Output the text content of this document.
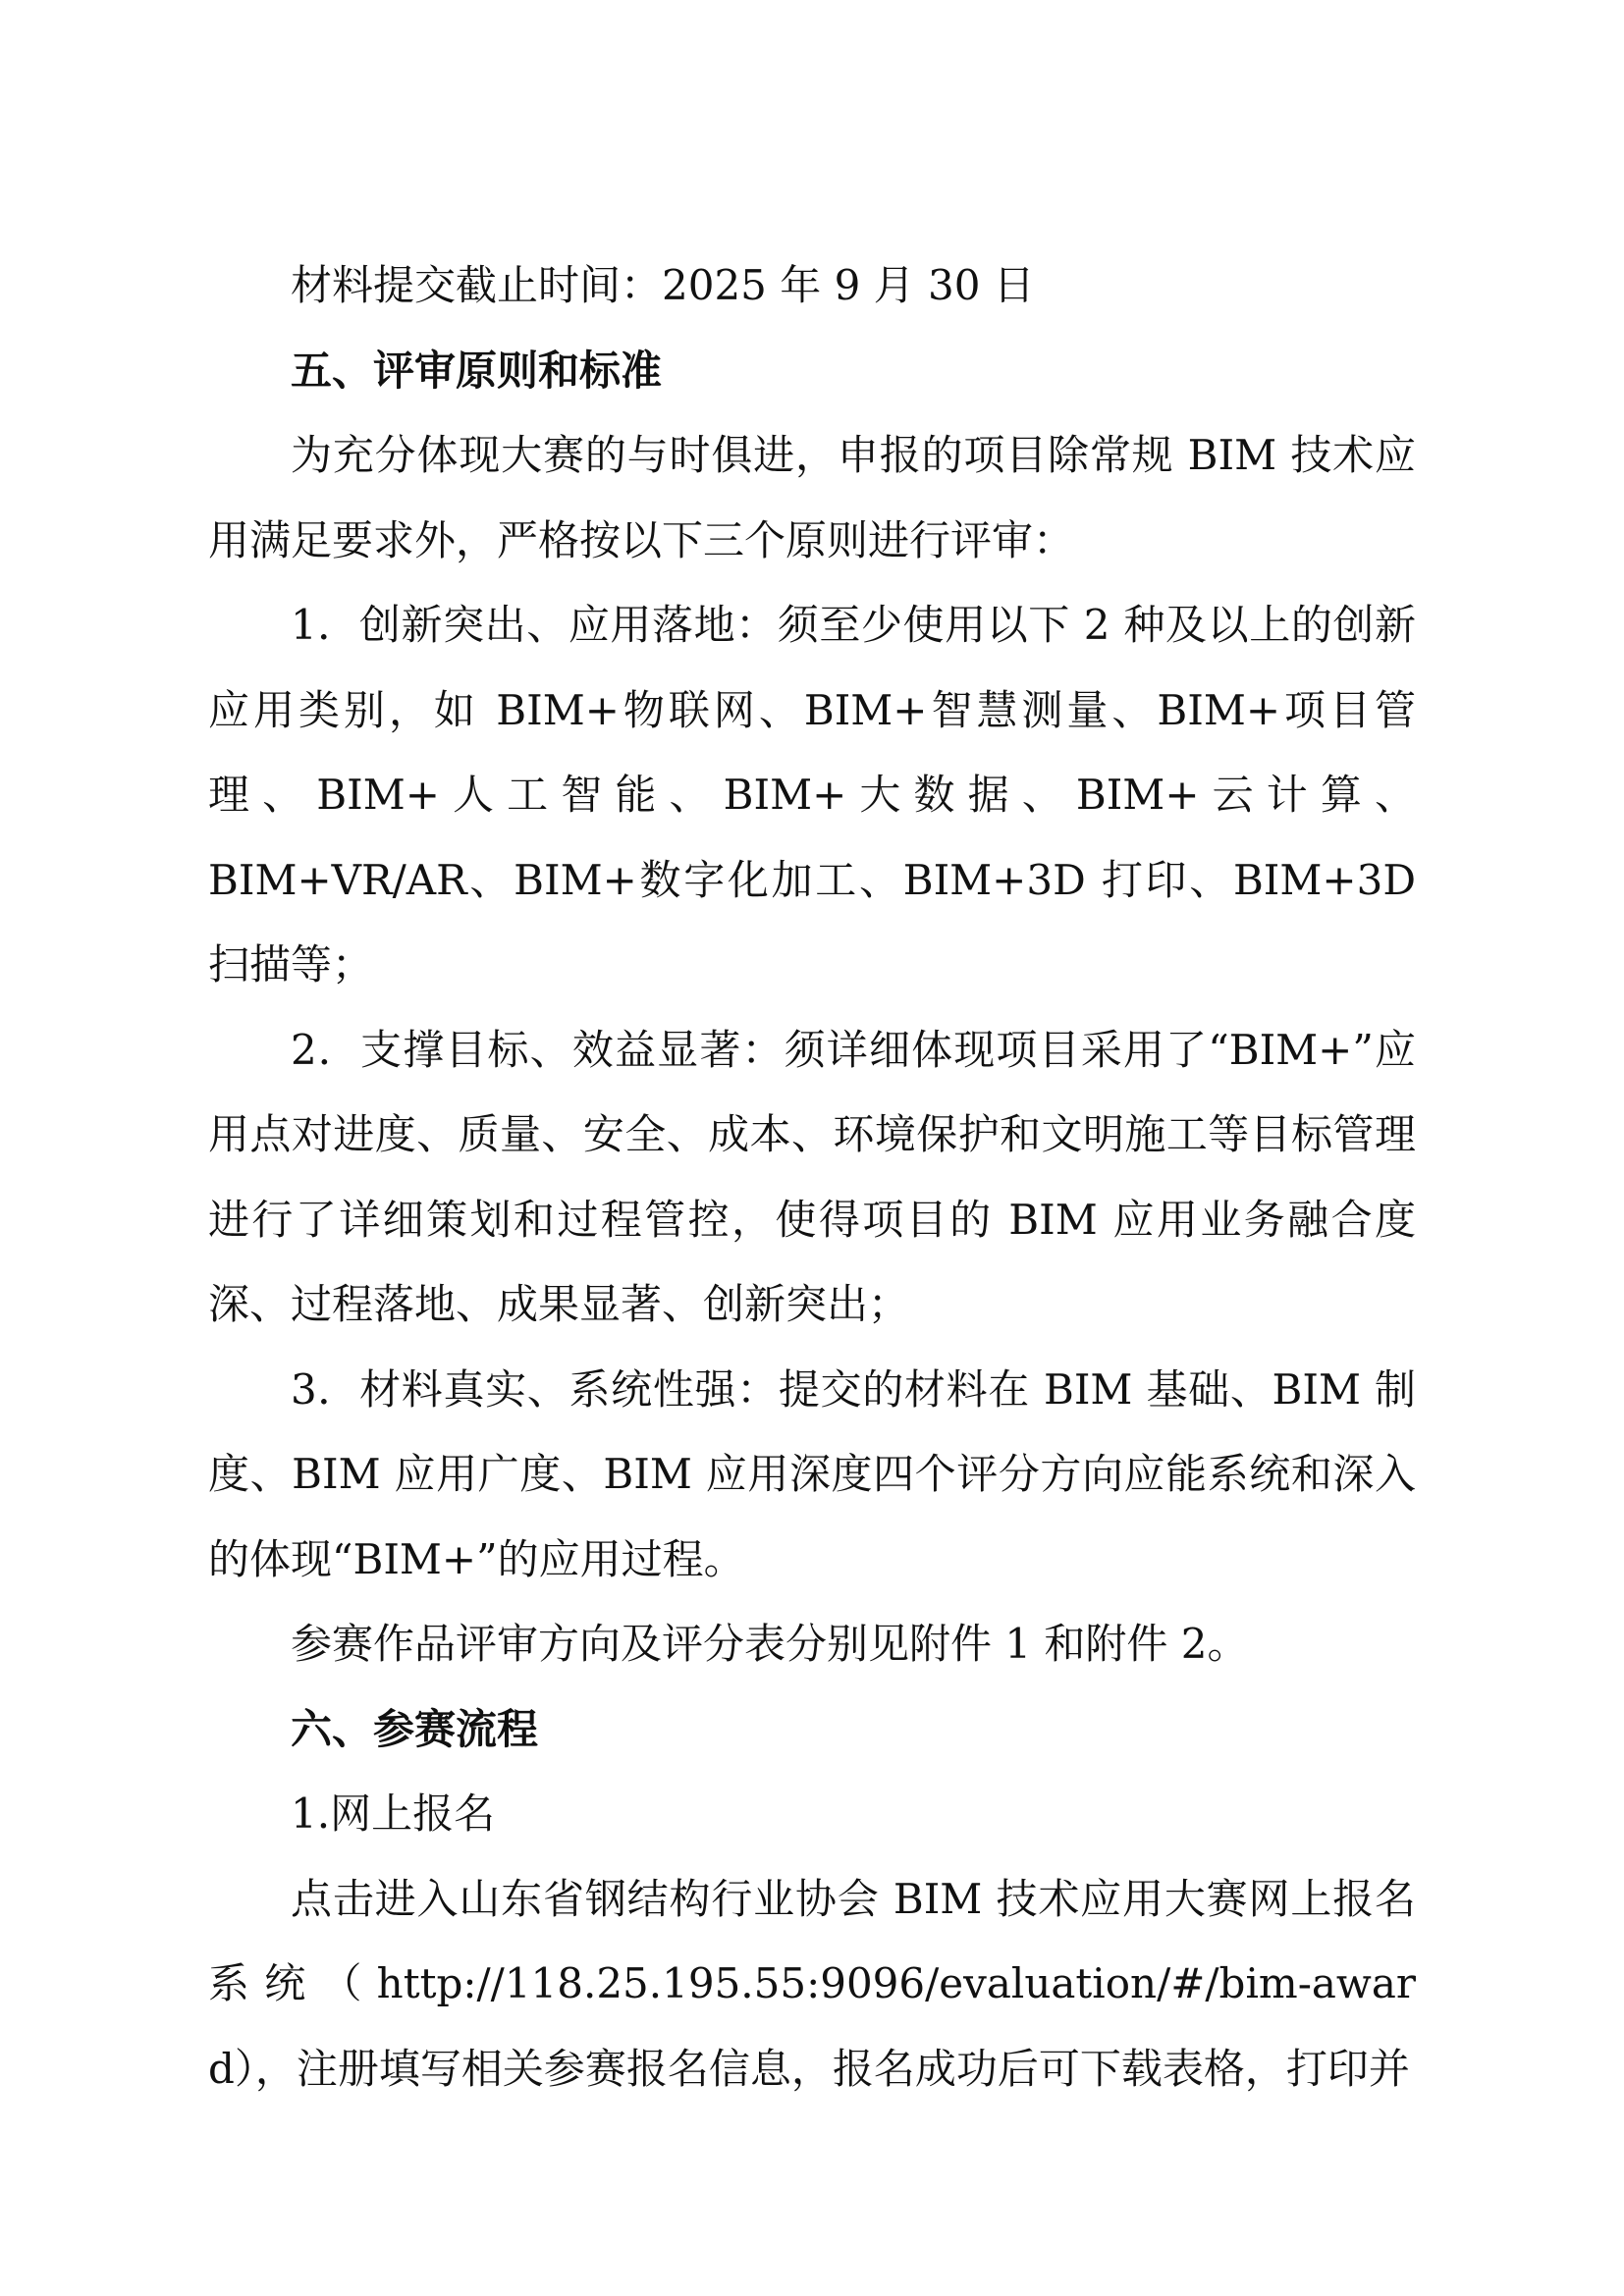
材料提交截止时间：2025 年 9 月 30 日

五、评审原则和标准

为充分体现大赛的与时俱进，申报的项目除常规 BIM 技术应用满足要求外，严格按以下三个原则进行评审：

1．创新突出、应用落地：须至少使用以下 2 种及以上的创新应用类别，如 BIM+物联网、BIM+智慧测量、BIM+项目管理、BIM+人工智能、BIM+大数据、BIM+云计算、BIM+VR/AR、BIM+数字化加工、BIM+3D 打印、BIM+3D 扫描等；

2．支撑目标、效益显著：须详细体现项目采用了“BIM+”应用点对进度、质量、安全、成本、环境保护和文明施工等目标管理进行了详细策划和过程管控，使得项目的 BIM 应用业务融合度深、过程落地、成果显著、创新突出；

3．材料真实、系统性强：提交的材料在 BIM 基础、BIM 制度、BIM 应用广度、BIM 应用深度四个评分方向应能系统和深入的体现“BIM+”的应用过程。

参赛作品评审方向及评分表分别见附件 1 和附件 2。

六、参赛流程

1.网上报名

点击进入山东省钢结构行业协会 BIM 技术应用大赛网上报名系统（http://118.25.195.55:9096/evaluation/#/bim-award），注册填写相关参赛报名信息，报名成功后可下载表格，打印并
